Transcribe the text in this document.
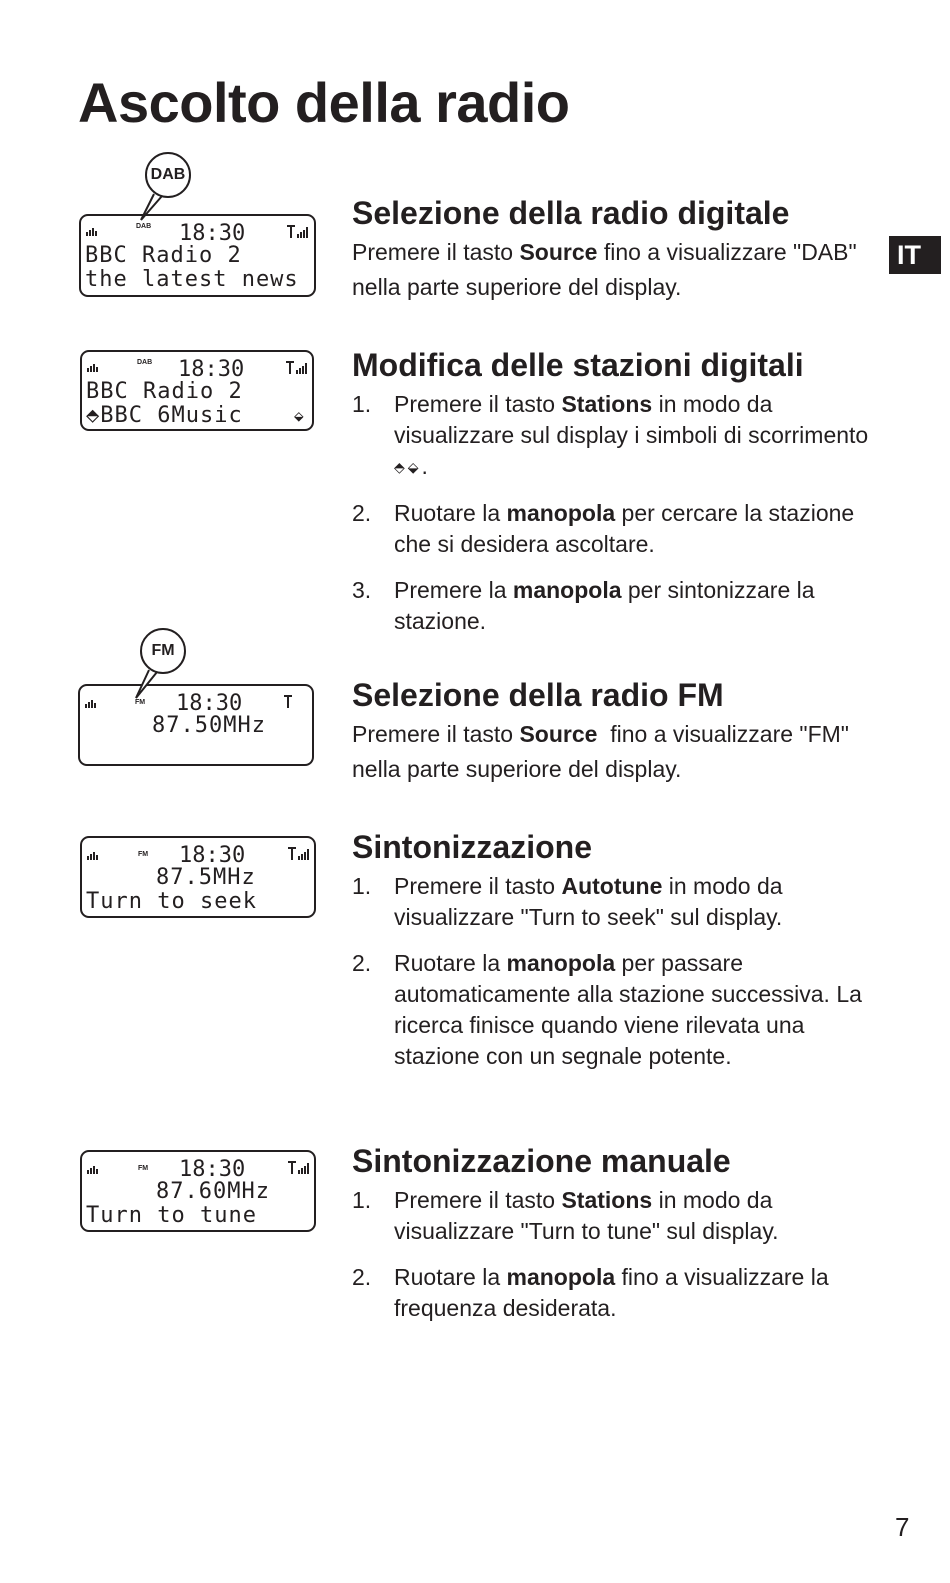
Ascolto della radio
IT
7
DAB
DAB 18:30
BBC Radio 2
the latest news
DAB 18:30
BBC Radio 2
⬘BBC 6Music	⬙
FM
FM 18:30
87.50MHz
FM 18:30
87.5MHz
Turn to seek
FM 18:30
87.60MHz
Turn to tune
Selezione della radio digitale

Premere il tasto Source fino a visualizzare "DAB" nella parte superiore del display.

Modifica delle stazioni digitali
1. Premere il tasto Stations in modo da visualizzare sul display i simboli di scorrimento ⬘⬙.
2. Ruotare la manopola per cercare la stazione che si desidera ascoltare.
3. Premere la manopola per sintonizzare la stazione.
Selezione della radio FM

Premere il tasto Source  fino a visualizzare "FM" nella parte superiore del display.

Sintonizzazione
1. Premere il tasto Autotune in modo da visualizzare "Turn to seek" sul display.
2. Ruotare la manopola per passare automaticamente alla stazione successiva. La ricerca finisce quando viene rilevata una stazione con un segnale potente.
Sintonizzazione manuale
1. Premere il tasto Stations in modo da visualizzare "Turn to tune" sul display.
2. Ruotare la manopola fino a visualizzare la frequenza desiderata.
